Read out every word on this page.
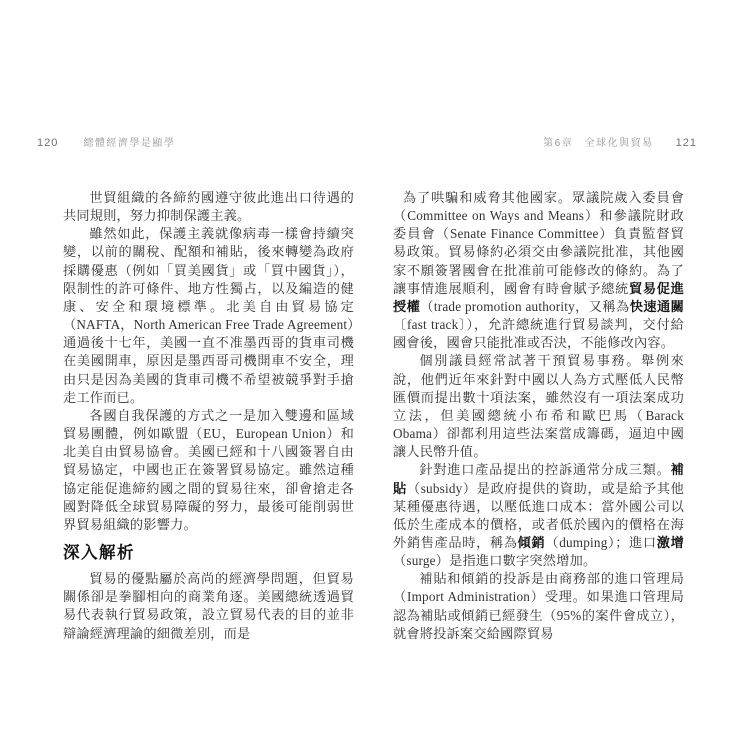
120	總體經濟學是顯學	第6章　全球化與貿易 121

世貿組織的各締約國遵守彼此進出口待遇的共同規則，努力抑制保護主義。

雖然如此，保護主義就像病毒一樣會持續突變，以前的關稅、配額和補貼，後來轉變為政府採購優惠（例如「買美國貨」或「買中國貨」），限制性的許可條件、地方性獨占，以及編造的健康、安全和環境標準。北美自由貿易協定（NAFTA，North American Free Trade Agreement）通過後十七年，美國一直不准墨西哥的貨車司機在美國開車，原因是墨西哥司機開車不安全，理由只是因為美國的貨車司機不希望被競爭對手搶走工作而已。

各國自我保護的方式之一是加入雙邊和區域貿易團體，例如歐盟（EU，European Union）和北美自由貿易協會。美國已經和十八國簽署自由貿易協定，中國也正在簽署貿易協定。雖然這種協定能促進締約國之間的貿易往來，卻會搶走各國對降低全球貿易障礙的努力，最後可能削弱世界貿易組織的影響力。

深入解析

貿易的優點屬於高尚的經濟學問題，但貿易關係卻是拳腳相向的商業角逐。美國總統透過貿易代表執行貿易政策，設立貿易代表的目的並非辯論經濟理論的細微差別，而是

為了哄騙和威脅其他國家。眾議院歲入委員會（Committee on Ways and Means）和參議院財政委員會（Senate Finance Committee）負責監督貿易政策。貿易條約必須交由參議院批准，其他國家不願簽署國會在批准前可能修改的條約。為了讓事情進展順利，國會有時會賦予總統貿易促進授權（trade promotion authority，又稱為快速通關〔fast track〕），允許總統進行貿易談判，交付給國會後，國會只能批准或否決，不能修改內容。

個別議員經常試著干預貿易事務。舉例來說，他們近年來針對中國以人為方式壓低人民幣匯價而提出數十項法案，雖然沒有一項法案成功立法，但美國總統小布希和歐巴馬（Barack Obama）卻都利用這些法案當成籌碼，逼迫中國讓人民幣升值。

針對進口產品提出的控訴通常分成三類。補貼（subsidy）是政府提供的資助，或是給予其他某種優惠待遇，以壓低進口成本：當外國公司以低於生產成本的價格，或者低於國內的價格在海外銷售產品時，稱為傾銷（dumping）；進口激增（surge）是指進口數字突然增加。

補貼和傾銷的投訴是由商務部的進口管理局（Import Administration）受理。如果進口管理局認為補貼或傾銷已經發生（95%的案件會成立），就會將投訴案交給國際貿易
